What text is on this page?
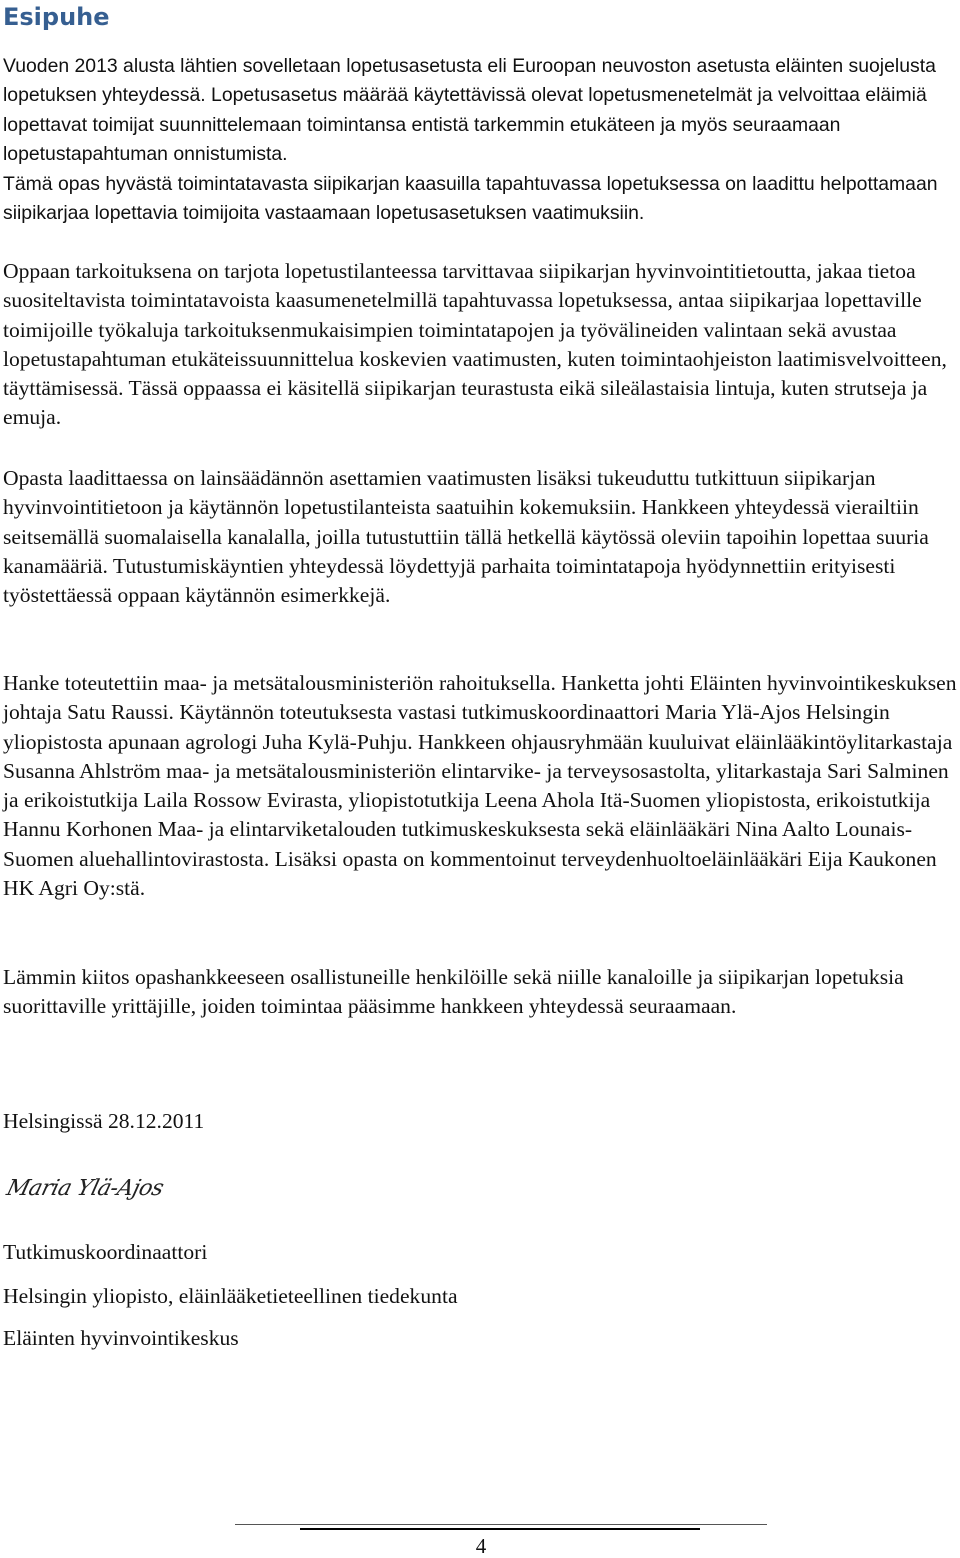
Esipuhe

Vuoden 2013 alusta lähtien sovelletaan lopetusasetusta eli Euroopan neuvoston asetusta eläinten suojelusta lopetuksen yhteydessä. Lopetusasetus määrää käytettävissä olevat lopetusmenetelmät ja velvoittaa eläimiä lopettavat toimijat suunnittelemaan toimintansa entistä tarkemmin etukäteen ja myös seuraamaan lopetustapahtuman onnistumista.

Tämä opas hyvästä toimintatavasta siipikarjan kaasuilla tapahtuvassa lopetuksessa on laadittu helpottamaan siipikarjaa lopettavia toimijoita vastaamaan lopetusasetuksen vaatimuksiin.

Oppaan tarkoituksena on tarjota lopetustilanteessa tarvittavaa siipikarjan hyvinvointitietoutta, jakaa tietoa suositeltavista toimintatavoista kaasumenetelmillä tapahtuvassa lopetuksessa, antaa siipikarjaa lopettaville toimijoille työkaluja tarkoituksenmukaisimpien toimintatapojen ja työvälineiden valintaan sekä avustaa lopetustapahtuman etukäteissuunnittelua koskevien vaatimusten, kuten toimintaohjeiston laatimisvelvoitteen, täyttämisessä. Tässä oppaassa ei käsitellä siipikarjan teurastusta eikä sileälastaisia lintuja, kuten strutseja ja emuja.

Opasta laadittaessa on lainsäädännön asettamien vaatimusten lisäksi tukeuduttu tutkittuun siipikarjan hyvinvointitietoon ja käytännön lopetustilanteista saatuihin kokemuksiin. Hankkeen yhteydessä vierailtiin seitsemällä suomalaisella kanalalla, joilla tutustuttiin tällä hetkellä käytössä oleviin tapoihin lopettaa suuria kanamääriä. Tutustumiskäyntien yhteydessä löydettyjä parhaita toimintatapoja hyödynnettiin erityisesti työstettäessä oppaan käytännön esimerkkejä.

Hanke toteutettiin maa- ja metsätalousministeriön rahoituksella. Hanketta johti Eläinten hyvinvointikeskuksen johtaja Satu Raussi. Käytännön toteutuksesta vastasi tutkimuskoordinaattori Maria Ylä-Ajos Helsingin yliopistosta apunaan agrologi Juha Kylä-Puhju. Hankkeen ohjausryhmään kuuluivat eläinlääkintöylitarkastaja Susanna Ahlström maa- ja metsätalousministeriön elintarvike- ja terveysosastolta, ylitarkastaja Sari Salminen ja erikoistutkija Laila Rossow Evirasta, yliopistotutkija Leena Ahola Itä-Suomen yliopistosta, erikoistutkija Hannu Korhonen Maa- ja elintarviketalouden tutkimuskeskuksesta sekä eläinlääkäri Nina Aalto Lounais-Suomen aluehallintovirastosta. Lisäksi opasta on kommentoinut terveydenhuoltoeläinlääkäri Eija Kaukonen HK Agri Oy:stä.

Lämmin kiitos opashankkeeseen osallistuneille henkilöille sekä niille kanaloille ja siipikarjan lopetuksia suorittaville yrittäjille, joiden toimintaa pääsimme hankkeen yhteydessä seuraamaan.

Helsingissä 28.12.2011
Maria Ylä-Ajos
Tutkimuskoordinaattori
Helsingin yliopisto, eläinlääketieteellinen tiedekunta
Eläinten hyvinvointikeskus
4
